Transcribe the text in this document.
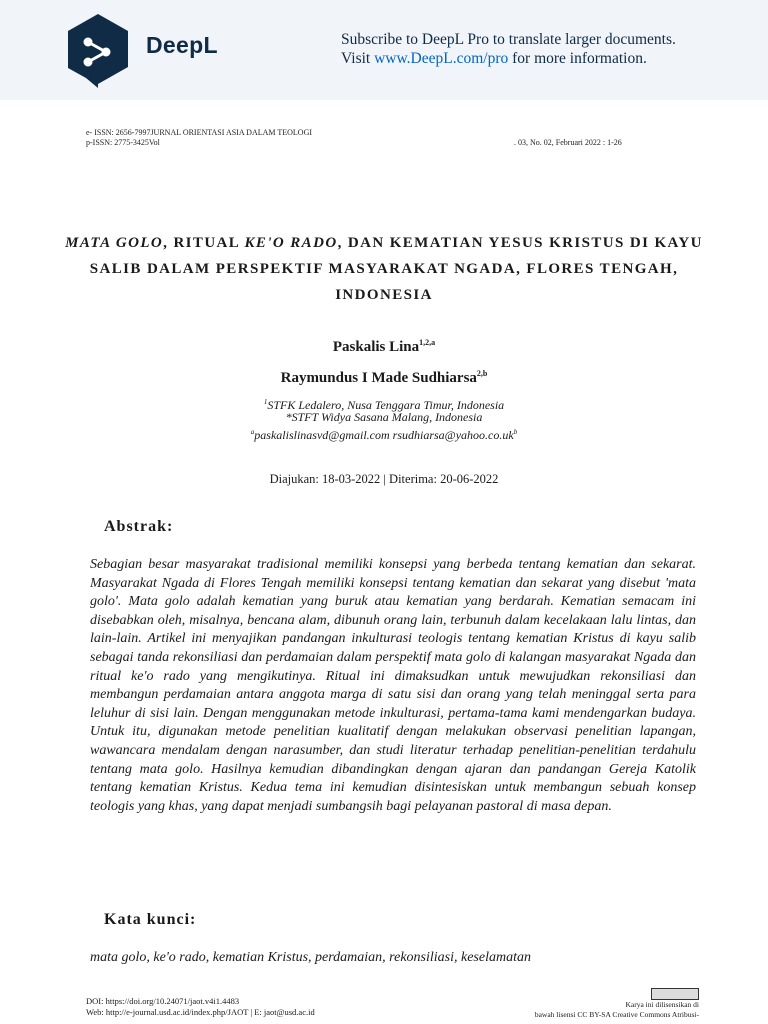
DeepL	Subscribe to DeepL Pro to translate larger documents.
Visit www.DeepL.com/pro for more information.
e- ISSN: 2656-7997JURNAL ORIENTASI ASIA DALAM TEOLOGI
p-ISSN: 2775-3425Vol	. 03, No. 02, Februari 2022 : 1-26
MATA GOLO, RITUAL KE'O RADO, DAN KEMATIAN YESUS KRISTUS DI KAYU SALIB DALAM PERSPEKTIF MASYARAKAT NGADA, FLORES TENGAH, INDONESIA
Paskalis Lina$^{1,2,a}$
Raymundus I Made Sudhiarsa$^{2,b}$
$^1$STFK Ledalero, Nusa Tenggara Timur, Indonesia
*STFT Widya Sasana Malang, Indonesia
$^a$paskalislinasvd@gmail.com $rsudhiarsa@yahoo.co.uk^b$
Diajukan: 18-03-2022 | Diterima: 20-06-2022
Abstrak:
Sebagian besar masyarakat tradisional memiliki konsepsi yang berbeda tentang kematian dan sekarat. Masyarakat Ngada di Flores Tengah memiliki konsepsi tentang kematian dan sekarat yang disebut 'mata golo'. Mata golo adalah kematian yang buruk atau kematian yang berdarah. Kematian semacam ini disebabkan oleh, misalnya, bencana alam, dibunuh orang lain, terbunuh dalam kecelakaan lalu lintas, dan lain-lain. Artikel ini menyajikan pandangan inkulturasi teologis tentang kematian Kristus di kayu salib sebagai tanda rekonsiliasi dan perdamaian dalam perspektif mata golo di kalangan masyarakat Ngada dan ritual ke'o rado yang mengikutinya. Ritual ini dimaksudkan untuk mewujudkan rekonsiliasi dan membangun perdamaian antara anggota marga di satu sisi dan orang yang telah meninggal serta para leluhur di sisi lain. Dengan menggunakan metode inkulturasi, pertama-tama kami mendengarkan budaya. Untuk itu, digunakan metode penelitian kualitatif dengan melakukan observasi penelitian lapangan, wawancara mendalam dengan narasumber, dan studi literatur terhadap penelitian-penelitian terdahulu tentang mata golo. Hasilnya kemudian dibandingkan dengan ajaran dan pandangan Gereja Katolik tentang kematian Kristus. Kedua tema ini kemudian disintesiskan untuk membangun sebuah konsep teologis yang khas, yang dapat menjadi sumbangsih bagi pelayanan pastoral di masa depan.
Kata kunci:
mata golo, ke'o rado, kematian Kristus, perdamaian, rekonsiliasi, keselamatan
DOI: https://doi.org/10.24071/jaot.v4i1.4483
Web: http://e-journal.usd.ac.id/index.php/JAOT | E: jaot@usd.ac.id
Karya ini dilisensikan di
bawah lisensi CC BY-SA Creative Commons Atribusi-
